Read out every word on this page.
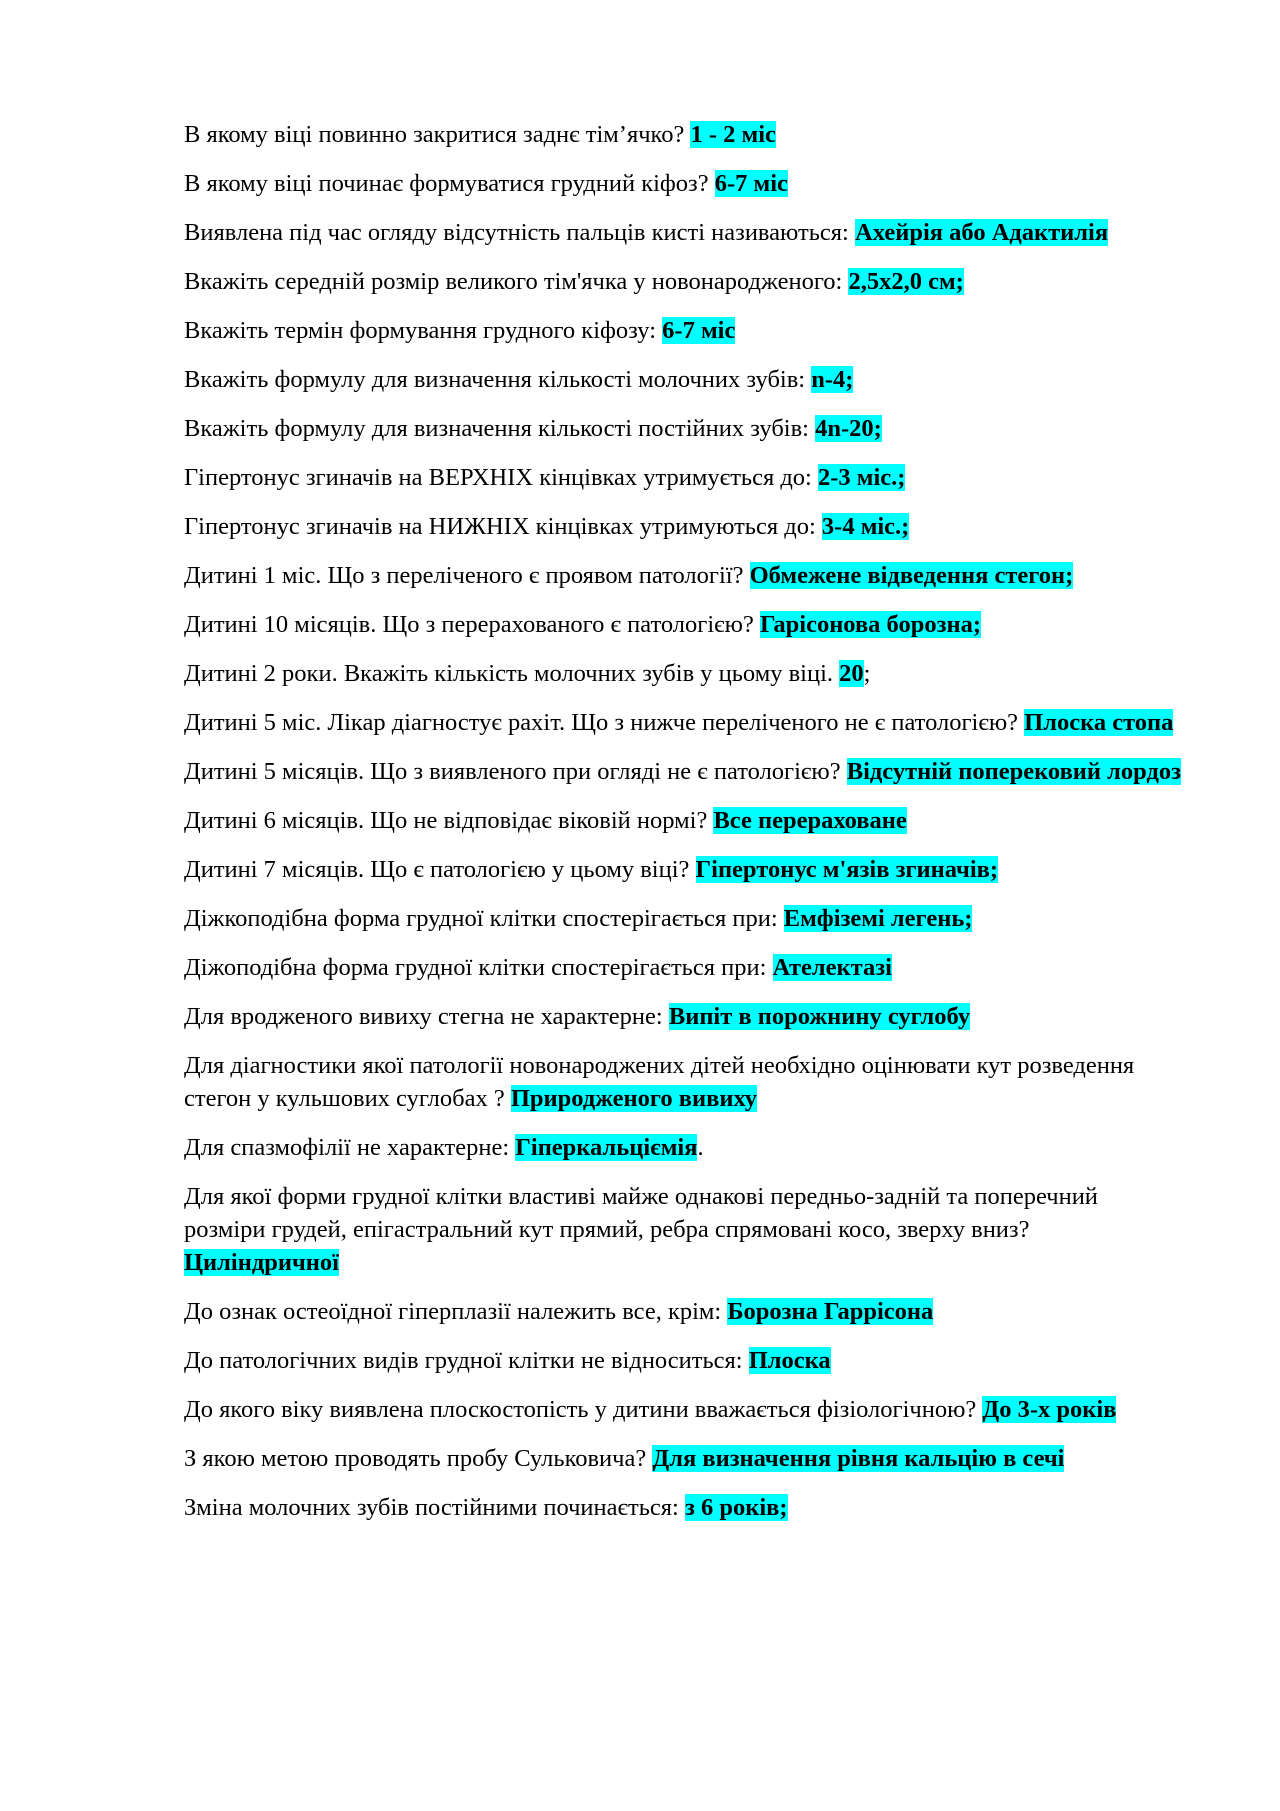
В якому віці повинно закритися заднє тім’ячко? 1 - 2 міс

В якому віці починає формуватися грудний кіфоз? 6-7 міс

Виявлена під час огляду відсутність пальців кисті називаються: Ахейрія або Адактилія

Вкажіть середній розмір великого тім'ячка у новонародженого: 2,5х2,0 см;

Вкажіть термін формування грудного кіфозу: 6-7 міс

Вкажіть формулу для визначення кількості молочних зубів: n-4;

Вкажіть формулу для визначення кількості постійних зубів: 4n-20;

Гіпертонус згиначів на ВЕРХНІХ кінцівках утримується до: 2-3 міс.;

Гіпертонус згиначів на НИЖНІХ кінцівках утримуються до: 3-4 міс.;

Дитині 1 міс. Що з переліченого є проявом патології? Обмежене відведення стегон;

Дитині 10 місяців. Що з перерахованого є патологією? Гарісонова борозна;

Дитині 2 роки. Вкажіть кількість молочних зубів у цьому віці. 20;

Дитині 5 міс. Лікар діагностує рахіт. Що з нижче переліченого не є патологією? Плоска стопа

Дитині 5 місяців. Що з виявленого при огляді не є патологією? Відсутній поперековий лордоз

Дитині 6 місяців. Що не відповідає віковій нормі? Все перераховане

Дитині 7 місяців. Що є патологією у цьому віці? Гіпертонус м'язів згиначів;

Діжкоподібна форма грудної клітки спостерігається при: Емфіземі легень;

Діжоподібна форма грудної клітки спостерігається при: Ателектазі

Для вродженого вивиху стегна не характерне: Випіт в порожнину суглобу

Для діагностики якої патології новонароджених дітей необхідно оцінювати кут розведення стегон у кульшових суглобах ? Природженого вивиху

Для спазмофілії не характерне: Гіперкальціємія.

Для якої форми грудної клітки властиві майже однакові передньо-задній та поперечний розміри грудей, епігастральний кут прямий, ребра спрямовані косо, зверху вниз? Циліндричної

До ознак остеоїдної гіперплазії належить все, крім: Борозна Гаррісона

До патологічних видів грудної клітки не відноситься: Плоска

До якого віку виявлена плоскостопість у дитини вважається фізіологічною? До 3-х років

З якою метою проводять пробу Сульковича? Для визначення рівня кальцію в сечі

Зміна молочних зубів постійними починається: з 6 років;
